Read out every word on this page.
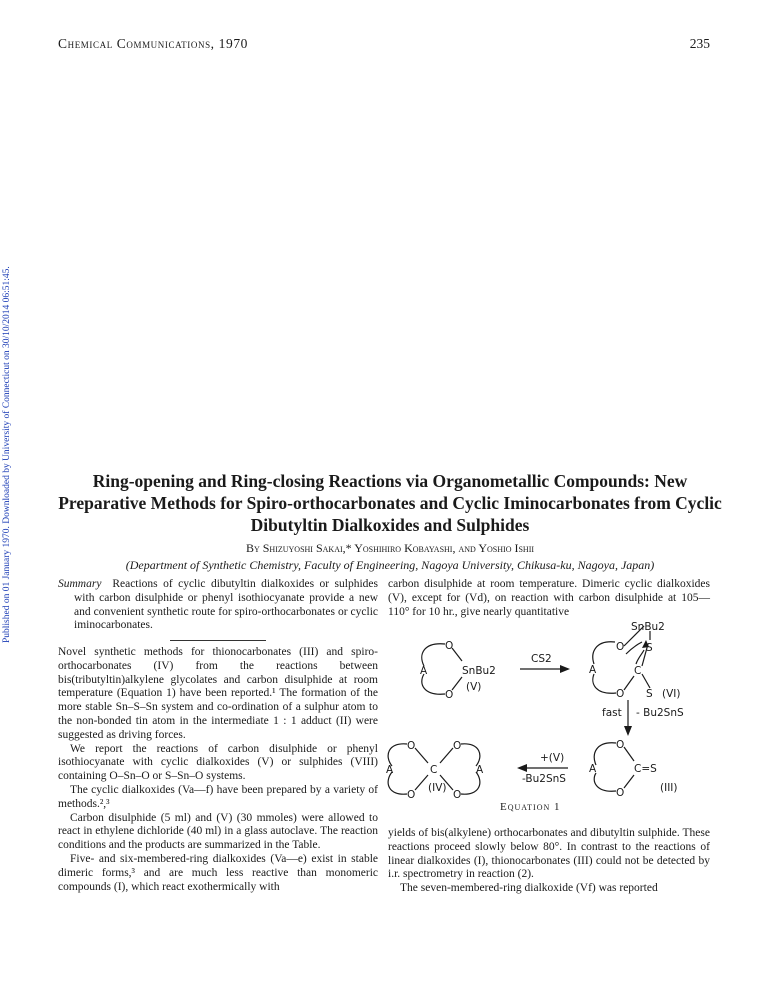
Chemical Communications, 1970	235
Published on 01 January 1970. Downloaded by University of Connecticut on 30/10/2014 06:51:45.	Ring-opening and Ring-closing Reactions via Organometallic Compounds: New Preparative Methods for Spiro-orthocarbonates and Cyclic Iminocarbonates from Cyclic Dibutyltin Dialkoxides and Sulphides
By Shizuyoshi Sakai,* Yoshihiro Kobayashi, and Yoshio Ishii
(Department of Synthetic Chemistry, Faculty of Engineering, Nagoya University, Chikusa-ku, Nagoya, Japan)
Summary Reactions of cyclic dibutyltin dialkoxides or sulphides with carbon disulphide or phenyl isothiocyanate provide a new and convenient synthetic route for spiro-orthocarbonates or cyclic iminocarbonates.

Novel synthetic methods for thionocarbonates (III) and spiro-orthocarbonates (IV) from the reactions between bis(tributyltin)alkylene glycolates and carbon disulphide at room temperature (Equation 1) have been reported.¹ The formation of the more stable Sn–S–Sn system and co-ordination of a sulphur atom to the non-bonded tin atom in the intermediate 1 : 1 adduct (II) were suggested as driving forces.

We report the reactions of carbon disulphide or phenyl isothiocyanate with cyclic dialkoxides (V) or sulphides (VIII) containing O–Sn–O or S–Sn–O systems.

The cyclic dialkoxides (Va—f) have been prepared by a variety of methods.²,³

Carbon disulphide (5 ml) and (V) (30 mmoles) were allowed to react in ethylene dichloride (40 ml) in a glass autoclave. The reaction conditions and the products are summarized in the Table.

Five- and six-membered-ring dialkoxides (Va—e) exist in stable dimeric forms,³ and are much less reactive than monomeric compounds (I), which react exothermically with

carbon disulphide at room temperature. Dimeric cyclic dialkoxides (V), except for (Vd), on reaction with carbon disulphide at 105—110° for 10 hr., give nearly quantitative

O
O
A	SnBu2
(V)
CS2
SnBu2
O S
A	C
O S (VI)
fast - Bu2SnS
O
O
A	C
O
O
A
+(V)
-Bu2SnS
O
O
A	C=S
(IV)	(III)
Equation 1

yields of bis(alkylene) orthocarbonates and dibutyltin sulphide. These reactions proceed slowly below 80°. In contrast to the reactions of linear dialkoxides (I), thionocarbonates (III) could not be detected by i.r. spectrometry in reaction (2).

The seven-membered-ring dialkoxide (Vf) was reported
